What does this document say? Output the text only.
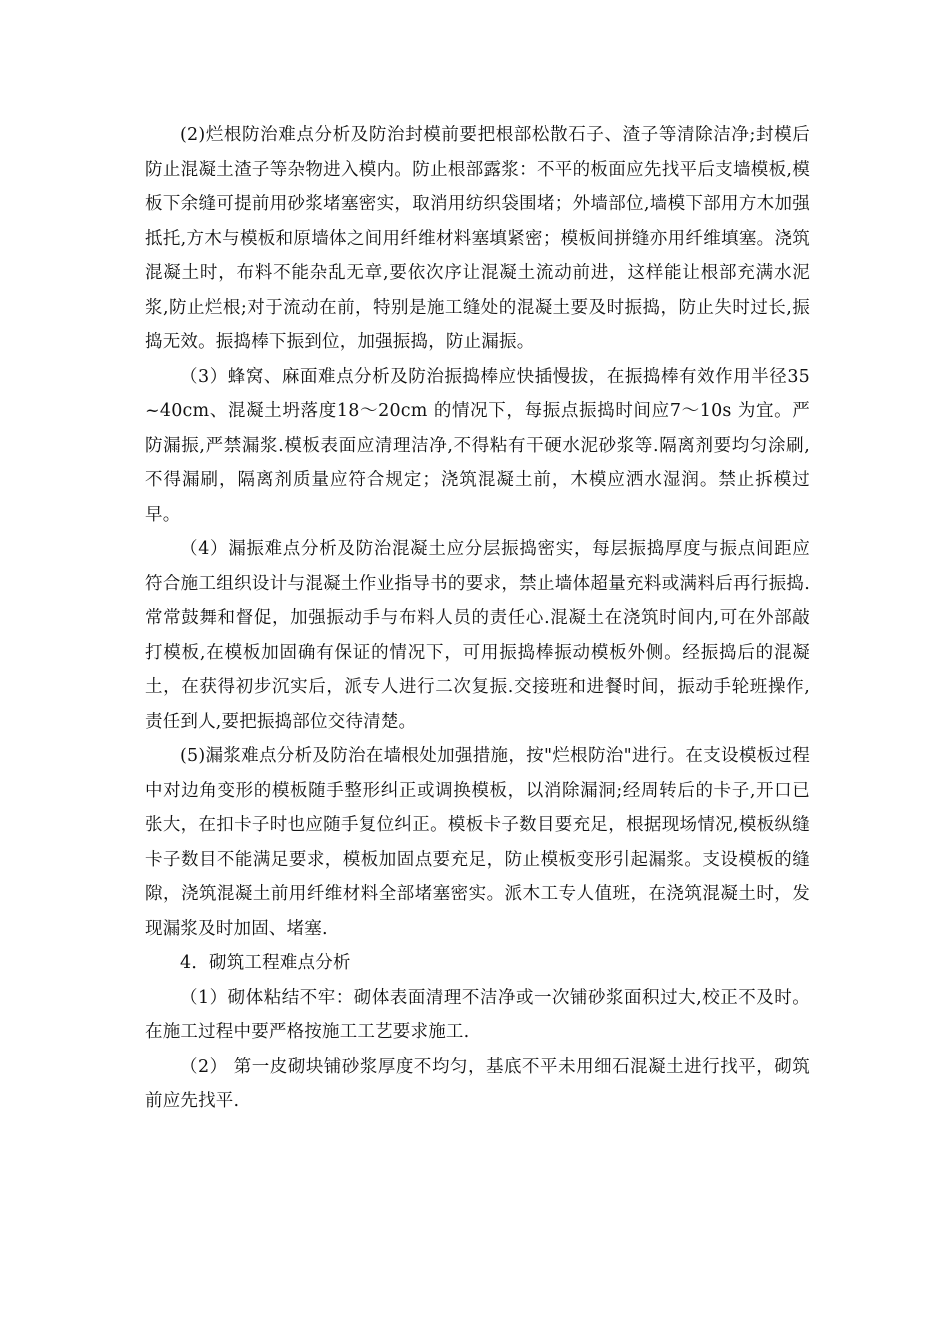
(2)烂根防治难点分析及防治封模前要把根部松散石子、渣子等清除洁净;封模后防止混凝土渣子等杂物进入模内。防止根部露浆：不平的板面应先找平后支墙模板,模板下余缝可提前用砂浆堵塞密实，取消用纺织袋围堵；外墙部位,墙模下部用方木加强抵托,方木与模板和原墙体之间用纤维材料塞填紧密；模板间拼缝亦用纤维填塞。浇筑混凝土时，布料不能杂乱无章,要依次序让混凝土流动前进，这样能让根部充满水泥浆,防止烂根;对于流动在前，特别是施工缝处的混凝土要及时振捣，防止失时过长,振捣无效。振捣棒下振到位，加强振捣，防止漏振。

（3）蜂窝、麻面难点分析及防治振捣棒应快插慢拔，在振捣棒有效作用半径35~40cm、混凝土坍落度18～20cm 的情况下，每振点振捣时间应7～10s 为宜。严防漏振,严禁漏浆.模板表面应清理洁净,不得粘有干硬水泥砂浆等.隔离剂要均匀涂刷,不得漏刷，隔离剂质量应符合规定；浇筑混凝土前，木模应洒水湿润。禁止拆模过早。

（4）漏振难点分析及防治混凝土应分层振捣密实，每层振捣厚度与振点间距应符合施工组织设计与混凝土作业指导书的要求，禁止墙体超量充料或满料后再行振捣.常常鼓舞和督促，加强振动手与布料人员的责任心.混凝土在浇筑时间内,可在外部敲打模板,在模板加固确有保证的情况下，可用振捣棒振动模板外侧。经振捣后的混凝土，在获得初步沉实后，派专人进行二次复振.交接班和进餐时间，振动手轮班操作,责任到人,要把振捣部位交待清楚。

(5)漏浆难点分析及防治在墙根处加强措施，按"烂根防治"进行。在支设模板过程中对边角变形的模板随手整形纠正或调换模板，以消除漏洞;经周转后的卡子,开口已张大，在扣卡子时也应随手复位纠正。模板卡子数目要充足，根据现场情况,模板纵缝卡子数目不能满足要求，模板加固点要充足，防止模板变形引起漏浆。支设模板的缝隙，浇筑混凝土前用纤维材料全部堵塞密实。派木工专人值班，在浇筑混凝土时，发现漏浆及时加固、堵塞.

4．砌筑工程难点分析

（1）砌体粘结不牢：砌体表面清理不洁净或一次铺砂浆面积过大,校正不及时。在施工过程中要严格按施工工艺要求施工.

（2） 第一皮砌块铺砂浆厚度不均匀，基底不平未用细石混凝土进行找平，砌筑前应先找平.
